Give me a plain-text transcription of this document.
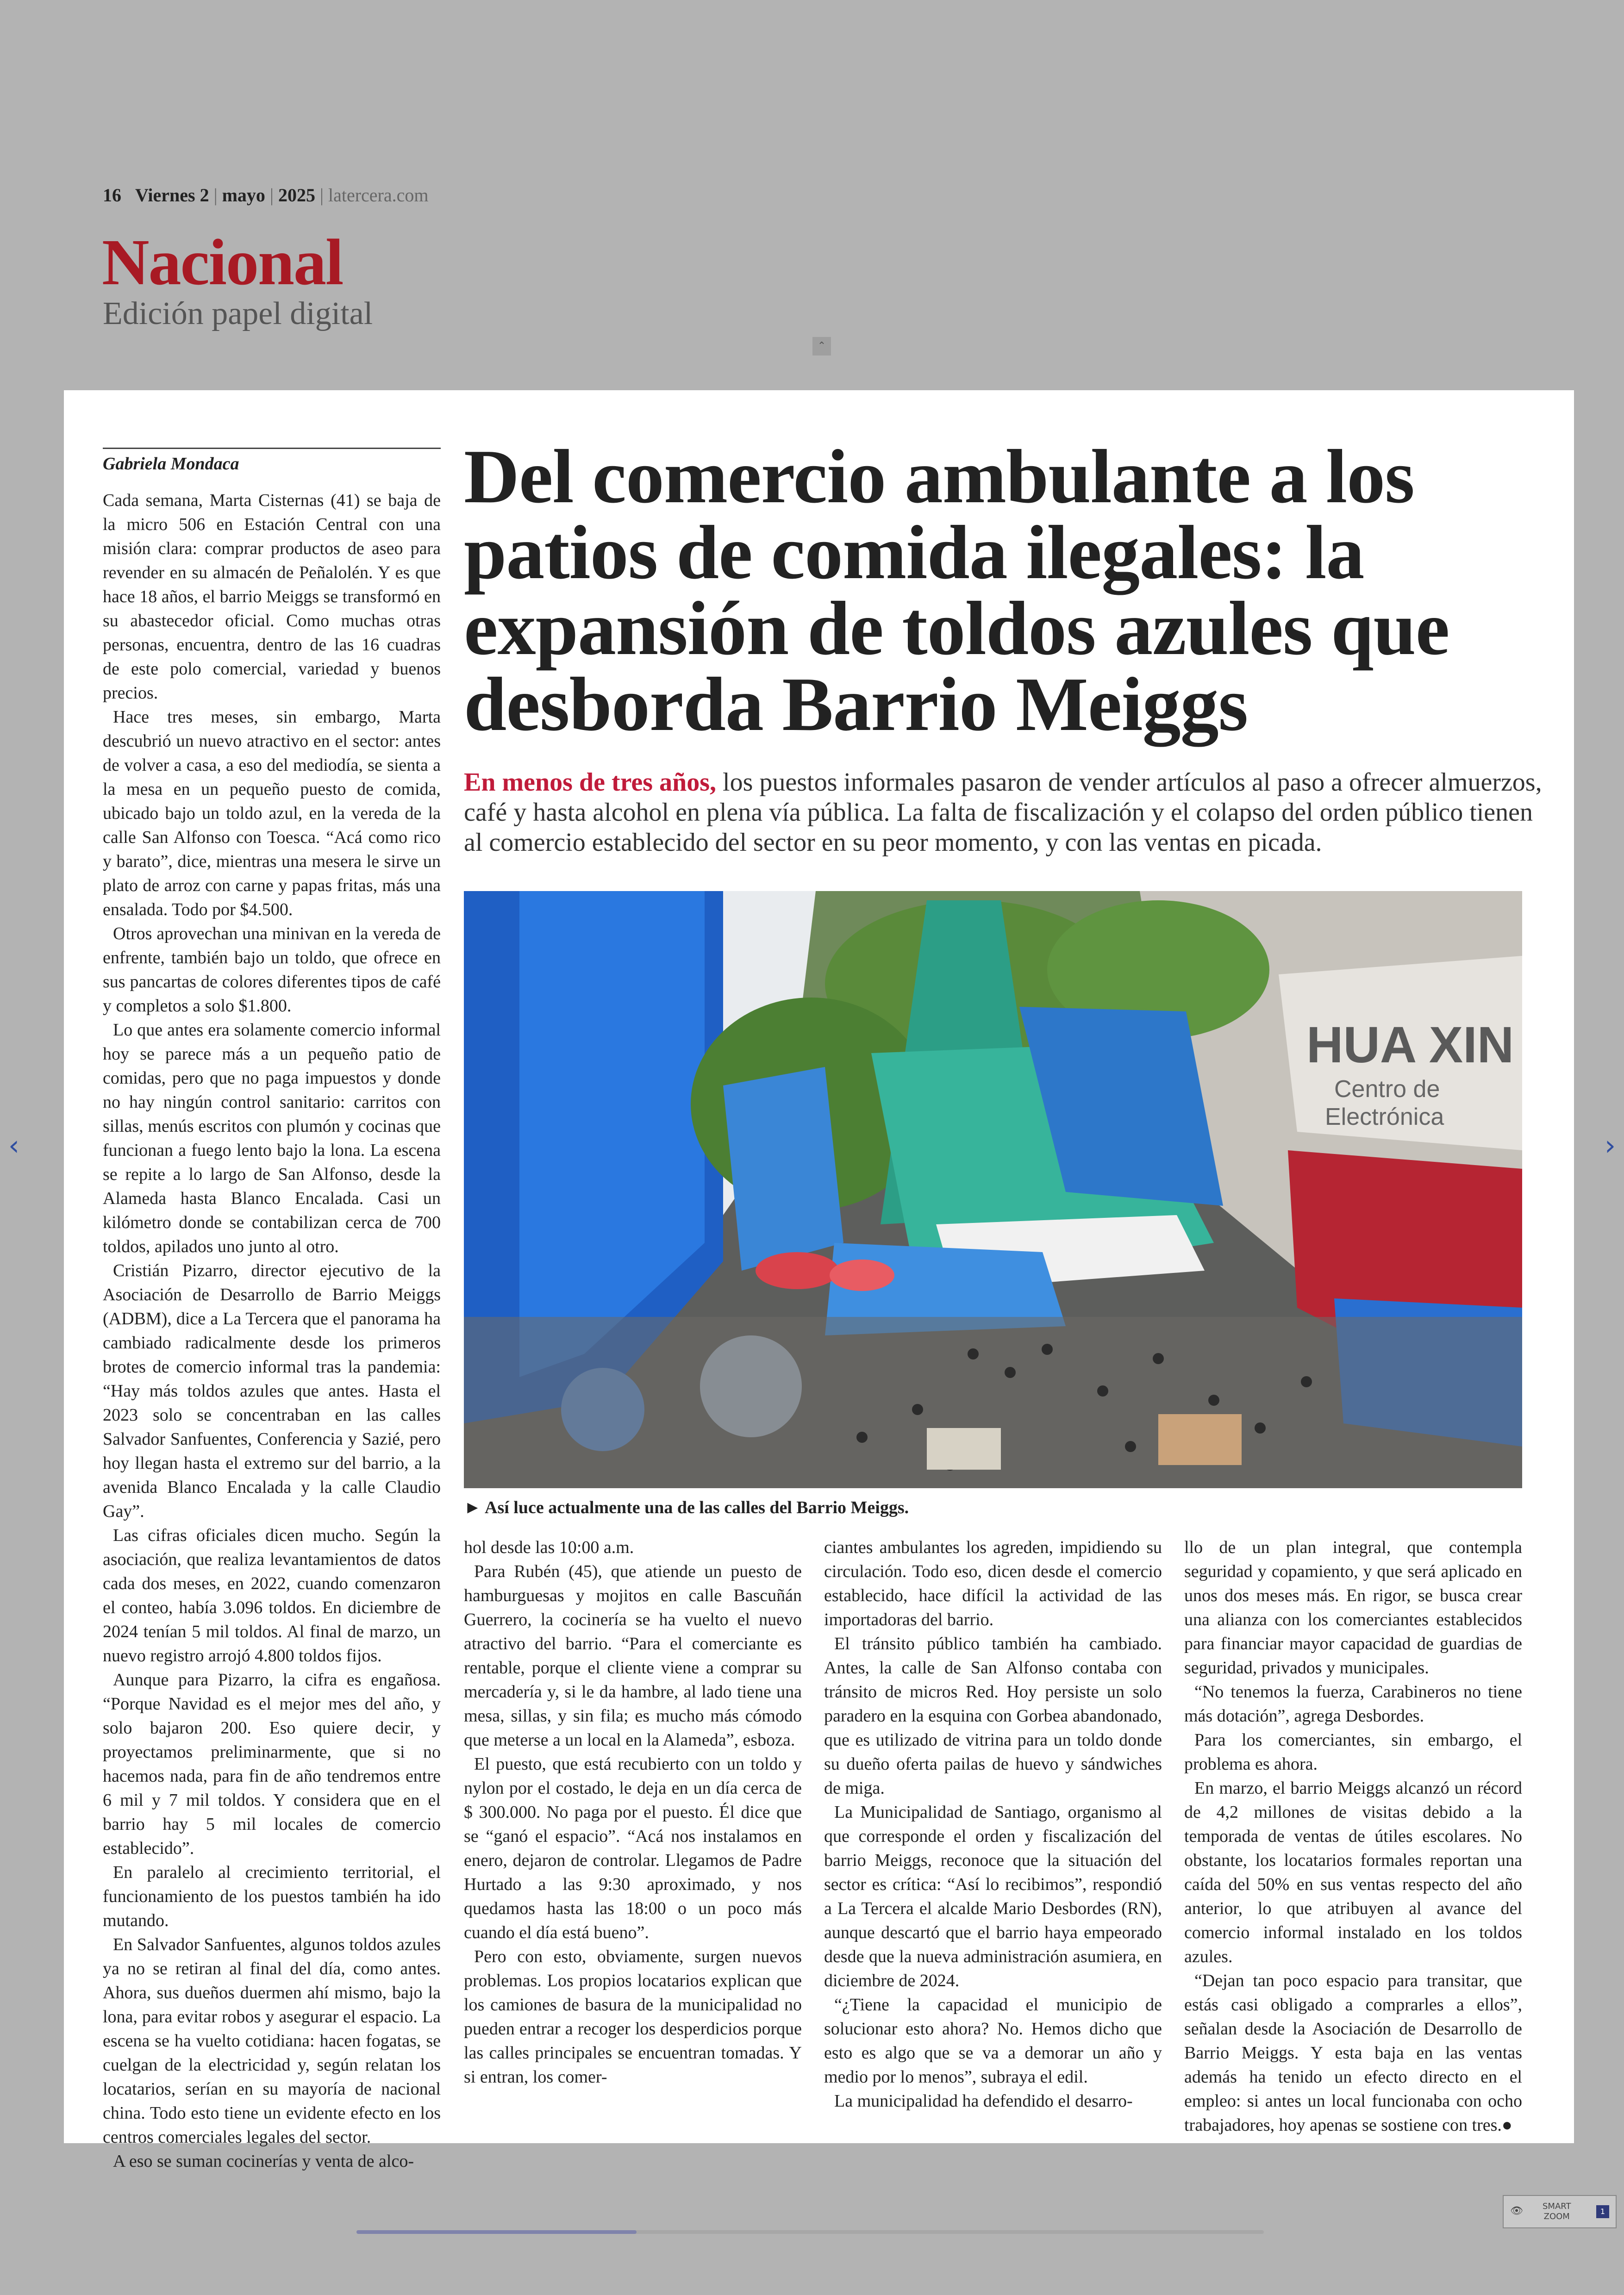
16 Viernes 2 | mayo | 2025 | latercera.com
Nacional
Edición papel digital
⌃
‹	›
Gabriela Mondaca

Cada semana, Marta Cisternas (41) se baja de la micro 506 en Estación Central con una misión clara: comprar productos de aseo para revender en su almacén de Peñalolén. Y es que hace 18 años, el barrio Meiggs se transformó en su abastecedor oficial. Como muchas otras personas, encuentra, dentro de las 16 cuadras de este polo comercial, variedad y buenos precios.

Hace tres meses, sin embargo, Marta descubrió un nuevo atractivo en el sector: antes de volver a casa, a eso del mediodía, se sienta a la mesa en un pequeño puesto de comida, ubicado bajo un toldo azul, en la vereda de la calle San Alfonso con Toesca. “Acá como rico y barato”, dice, mientras una mesera le sirve un plato de arroz con carne y papas fritas, más una ensalada. Todo por $4.500.

Otros aprovechan una minivan en la vereda de enfrente, también bajo un toldo, que ofrece en sus pancartas de colores diferentes tipos de café y completos a solo $1.800.

Lo que antes era solamente comercio informal hoy se parece más a un pequeño patio de comidas, pero que no paga impuestos y donde no hay ningún control sanitario: carritos con sillas, menús escritos con plumón y cocinas que funcionan a fuego lento bajo la lona. La escena se repite a lo largo de San Alfonso, desde la Alameda hasta Blanco Encalada. Casi un kilómetro donde se contabilizan cerca de 700 toldos, apilados uno junto al otro.

Cristián Pizarro, director ejecutivo de la Asociación de Desarrollo de Barrio Meiggs (ADBM), dice a La Tercera que el panorama ha cambiado radicalmente desde los primeros brotes de comercio informal tras la pandemia: “Hay más toldos azules que antes. Hasta el 2023 solo se concentraban en las calles Salvador Sanfuentes, Conferencia y Sazié, pero hoy llegan hasta el extremo sur del barrio, a la avenida Blanco Encalada y la calle Claudio Gay”.

Las cifras oficiales dicen mucho. Según la asociación, que realiza levantamientos de datos cada dos meses, en 2022, cuando comenzaron el conteo, había 3.096 toldos. En diciembre de 2024 tenían 5 mil toldos. Al final de marzo, un nuevo registro arrojó 4.800 toldos fijos.

Aunque para Pizarro, la cifra es engañosa. “Porque Navidad es el mejor mes del año, y solo bajaron 200. Eso quiere decir, y proyectamos preliminarmente, que si no hacemos nada, para fin de año tendremos entre 6 mil y 7 mil toldos. Y considera que en el barrio hay 5 mil locales de comercio establecido”.

En paralelo al crecimiento territorial, el funcionamiento de los puestos también ha ido mutando.

En Salvador Sanfuentes, algunos toldos azules ya no se retiran al final del día, como antes. Ahora, sus dueños duermen ahí mismo, bajo la lona, para evitar robos y asegurar el espacio. La escena se ha vuelto cotidiana: hacen fogatas, se cuelgan de la electricidad y, según relatan los locatarios, serían en su mayoría de nacional china. Todo esto tiene un evidente efecto en los centros comerciales legales del sector.

A eso se suman cocinerías y venta de alco-

Del comercio ambulante a los patios de comida ilegales: la expansión de toldos azules que desborda Barrio Meiggs
En menos de tres años, los puestos informales pasaron de vender artículos al paso a ofrecer almuerzos, café y hasta alcohol en plena vía pública. La falta de fiscalización y el colapso del orden público tienen al comercio establecido del sector en su peor momento, y con las ventas en picada.
HUA XIN
Centro de
Electrónica
► Así luce actualmente una de las calles del Barrio Meiggs.

hol desde las 10:00 a.m.

Para Rubén (45), que atiende un puesto de hamburguesas y mojitos en calle Bascuñán Guerrero, la cocinería se ha vuelto el nuevo atractivo del barrio. “Para el comerciante es rentable, porque el cliente viene a comprar su mercadería y, si le da hambre, al lado tiene una mesa, sillas, y sin fila; es mucho más cómodo que meterse a un local en la Alameda”, esboza.

El puesto, que está recubierto con un toldo y nylon por el costado, le deja en un día cerca de $ 300.000. No paga por el puesto. Él dice que se “ganó el espacio”. “Acá nos instalamos en enero, dejaron de controlar. Llegamos de Padre Hurtado a las 9:30 aproximado, y nos quedamos hasta las 18:00 o un poco más cuando el día está bueno”.

Pero con esto, obviamente, surgen nuevos problemas. Los propios locatarios explican que los camiones de basura de la municipalidad no pueden entrar a recoger los desperdicios porque las calles principales se encuentran tomadas. Y si entran, los comer-

ciantes ambulantes los agreden, impidiendo su circulación. Todo eso, dicen desde el comercio establecido, hace difícil la actividad de las importadoras del barrio.

El tránsito público también ha cambiado. Antes, la calle de San Alfonso contaba con tránsito de micros Red. Hoy persiste un solo paradero en la esquina con Gorbea abandonado, que es utilizado de vitrina para un toldo donde su dueño oferta pailas de huevo y sándwiches de miga.

La Municipalidad de Santiago, organismo al que corresponde el orden y fiscalización del barrio Meiggs, reconoce que la situación del sector es crítica: “Así lo recibimos”, respondió a La Tercera el alcalde Mario Desbordes (RN), aunque descartó que el barrio haya empeorado desde que la nueva administración asumiera, en diciembre de 2024.

“¿Tiene la capacidad el municipio de solucionar esto ahora? No. Hemos dicho que esto es algo que se va a demorar un año y medio por lo menos”, subraya el edil.

La municipalidad ha defendido el desarro-

llo de un plan integral, que contempla seguridad y copamiento, y que será aplicado en unos dos meses más. En rigor, se busca crear una alianza con los comerciantes establecidos para financiar mayor capacidad de guardias de seguridad, privados y municipales.

“No tenemos la fuerza, Carabineros no tiene más dotación”, agrega Desbordes.

Para los comerciantes, sin embargo, el problema es ahora.

En marzo, el barrio Meiggs alcanzó un récord de 4,2 millones de visitas debido a la temporada de ventas de útiles escolares. No obstante, los locatarios formales reportan una caída del 50% en sus ventas respecto del año anterior, lo que atribuyen al avance del comercio informal instalado en los toldos azules.

“Dejan tan poco espacio para transitar, que estás casi obligado a comprarles a ellos”, señalan desde la Asociación de Desarrollo de Barrio Meiggs. Y esta baja en las ventas además ha tenido un efecto directo en el empleo: si antes un local funcionaba con ocho trabajadores, hoy apenas se sostiene con tres.●

👁 SMART
ZOOM
1
